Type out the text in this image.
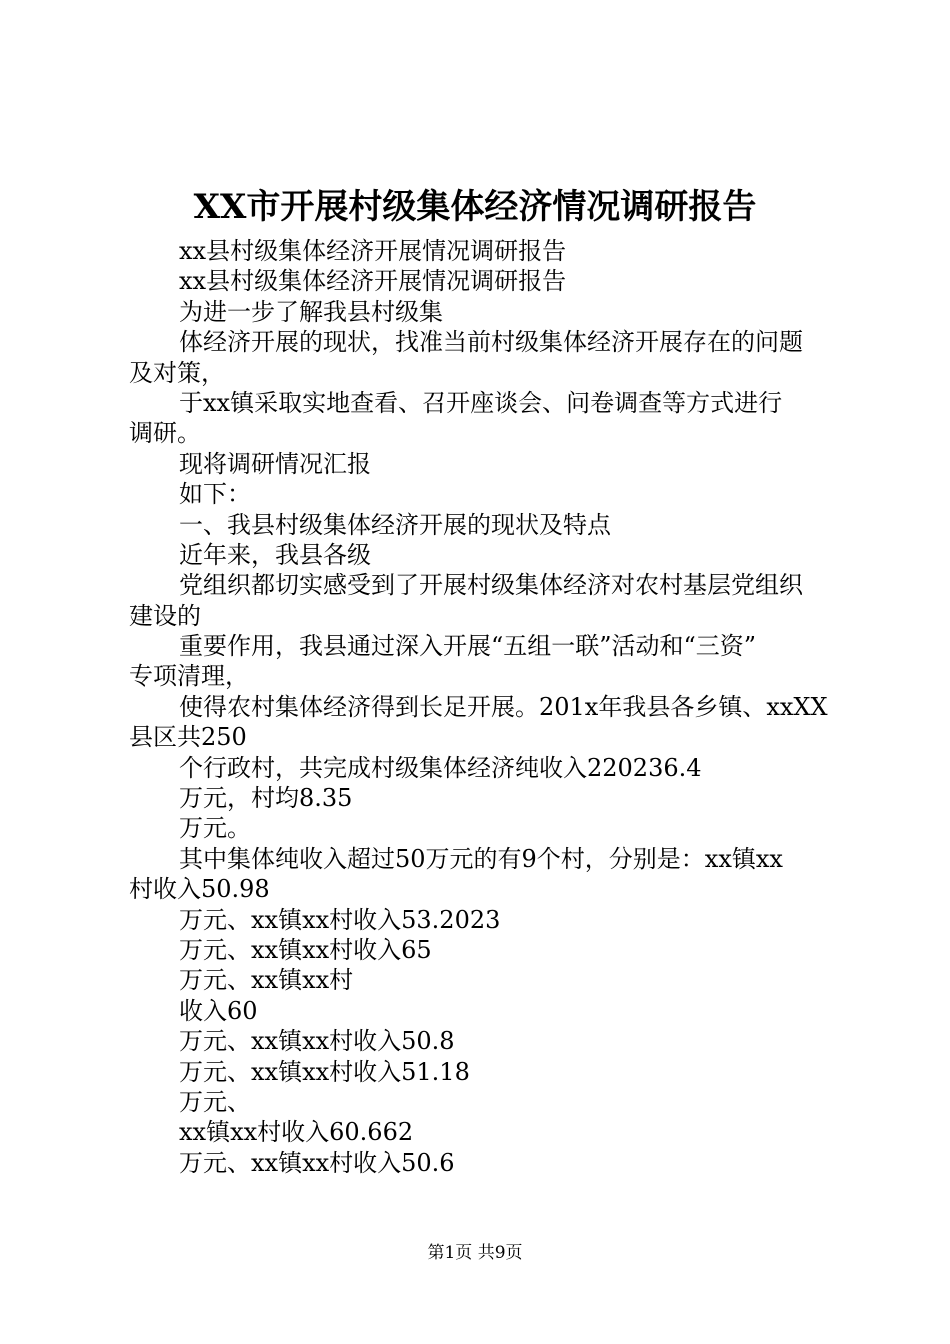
XX市开展村级集体经济情况调研报告
xx县村级集体经济开展情况调研报告
xx县村级集体经济开展情况调研报告
为进一步了解我县村级集
体经济开展的现状，找准当前村级集体经济开展存在的问题
及对策，
于xx镇采取实地查看、召开座谈会、问卷调查等方式进行
调研。
现将调研情况汇报
如下：
一、我县村级集体经济开展的现状及特点
近年来，我县各级
党组织都切实感受到了开展村级集体经济对农村基层党组织
建设的
重要作用，我县通过深入开展“五组一联”活动和“三资”
专项清理，
使得农村集体经济得到长足开展。201x年我县各乡镇、xxXX
县区共250
个行政村，共完成村级集体经济纯收入220236.4
万元，村均8.35
万元。
其中集体纯收入超过50万元的有9个村，分别是：xx镇xx
村收入50.98
万元、xx镇xx村收入53.2023
万元、xx镇xx村收入65
万元、xx镇xx村
收入60
万元、xx镇xx村收入50.8
万元、xx镇xx村收入51.18
万元、
xx镇xx村收入60.662
万元、xx镇xx村收入50.6
第1页 共9页
